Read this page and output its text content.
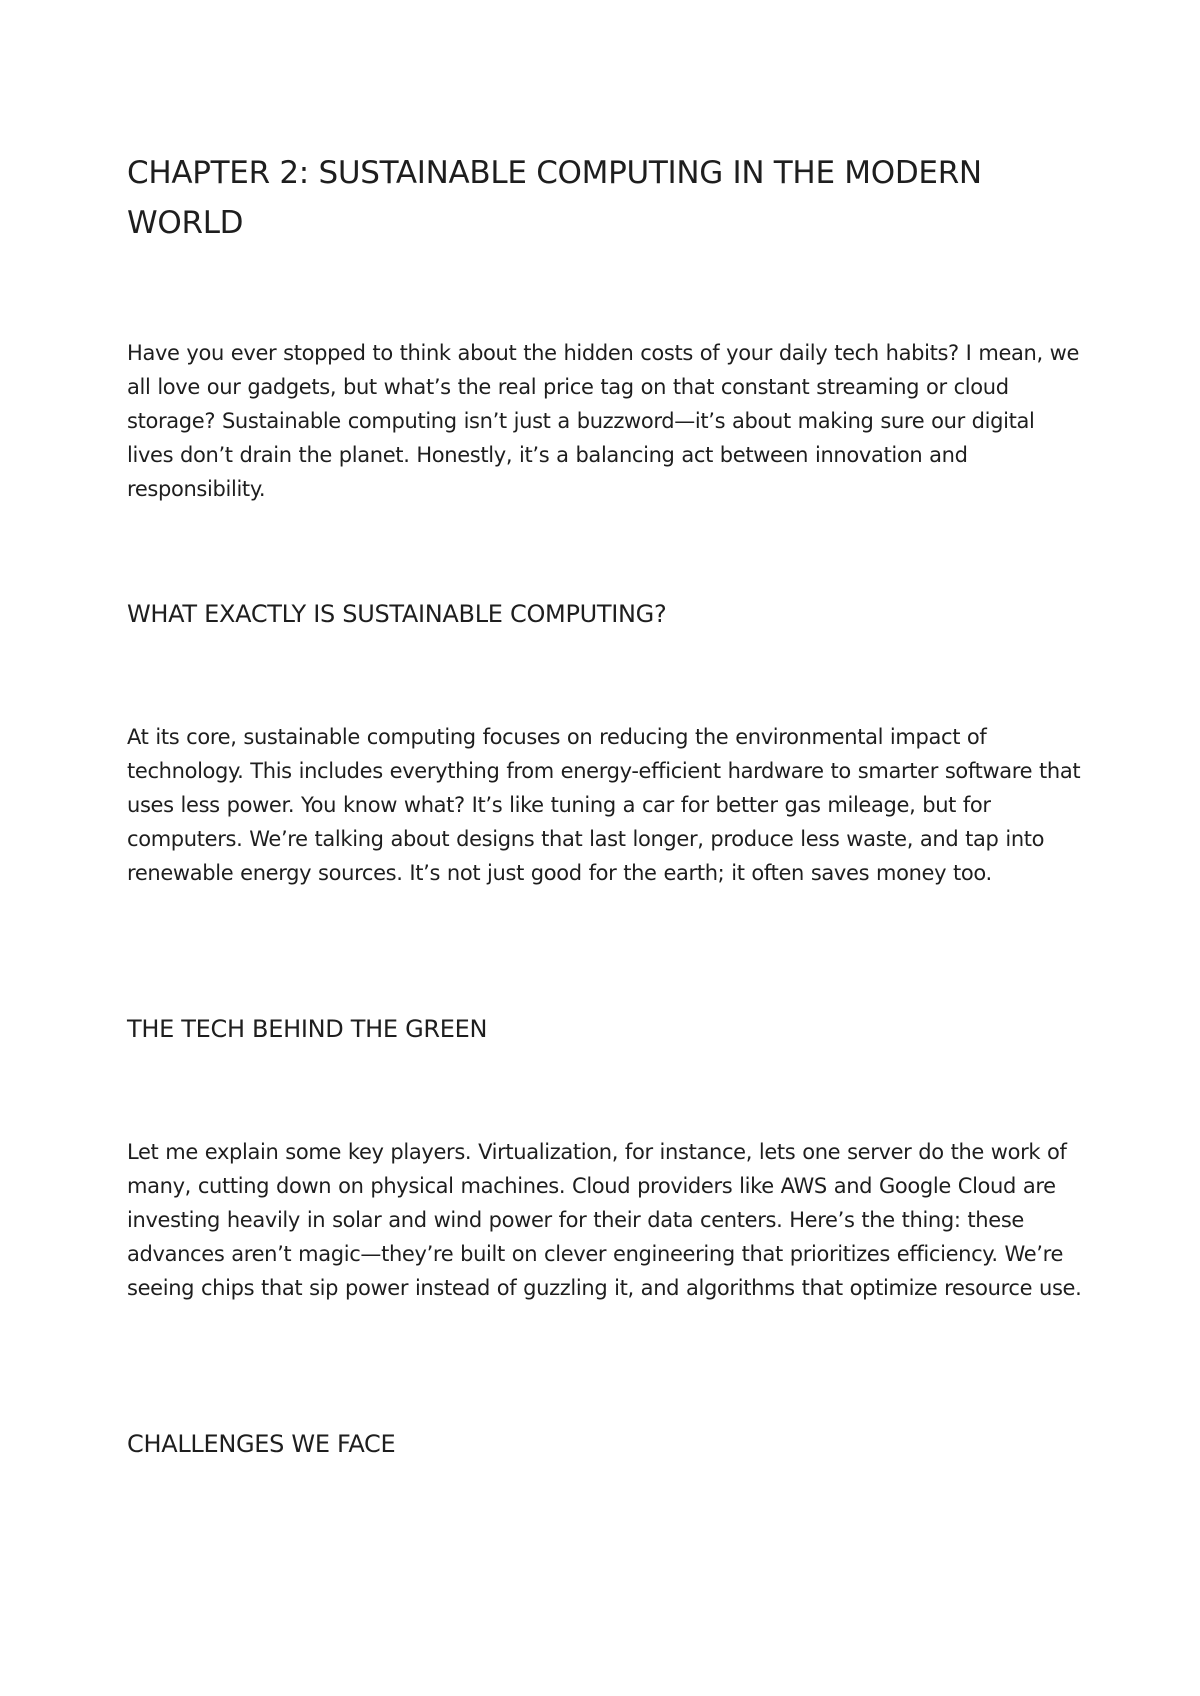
CHAPTER 2: SUSTAINABLE COMPUTING IN THE MODERN WORLD

Have you ever stopped to think about the hidden costs of your daily tech habits? I mean, we all love our gadgets, but what’s the real price tag on that constant streaming or cloud storage? Sustainable computing isn’t just a buzzword—it’s about making sure our digital lives don’t drain the planet. Honestly, it’s a balancing act between innovation and responsibility.

WHAT EXACTLY IS SUSTAINABLE COMPUTING?

At its core, sustainable computing focuses on reducing the environmental impact of technology. This includes everything from energy-efficient hardware to smarter software that uses less power. You know what? It’s like tuning a car for better gas mileage, but for computers. We’re talking about designs that last longer, produce less waste, and tap into renewable energy sources. It’s not just good for the earth; it often saves money too.

THE TECH BEHIND THE GREEN

Let me explain some key players. Virtualization, for instance, lets one server do the work of many, cutting down on physical machines. Cloud providers like AWS and Google Cloud are investing heavily in solar and wind power for their data centers. Here’s the thing: these advances aren’t magic—they’re built on clever engineering that prioritizes efficiency. We’re seeing chips that sip power instead of guzzling it, and algorithms that optimize resource use.

CHALLENGES WE FACE
